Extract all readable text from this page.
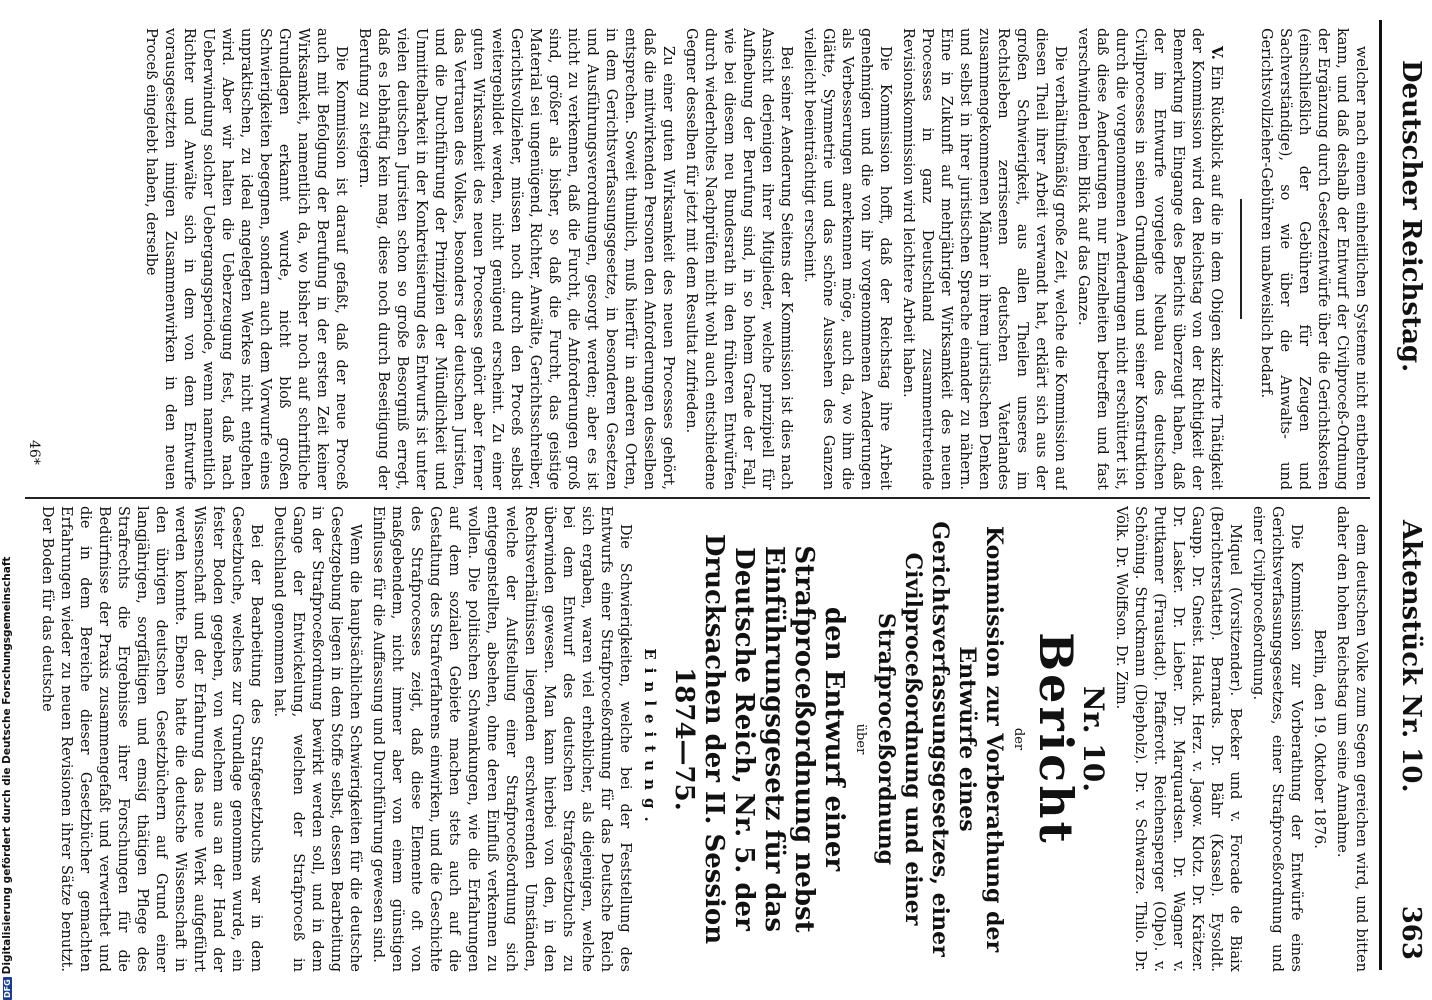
Deutscher Reichstag.
Aktenstück Nr. 10.
363

welcher nach einem einheitlichen Systeme nicht entbehren kann, und daß deshalb der Entwurf der Civilproceß-Ordnung der Ergänzung durch Gesetzentwürfe über die Gerichtskosten (einschließlich der Gebühren für Zeugen und Sachverständige), so wie über die Anwalts- und Gerichtsvollzieher-Gebühren unabweislich bedarf.

V. Ein Rückblick auf die in dem Obigen skizzirte Thätigkeit der Kommission wird den Reichstag von der Richtigkeit der Bemerkung im Eingange des Berichts überzeugt haben, daß der im Entwurfe vorgelegte Neubau des deutschen Civilprocesses in seinen Grundlagen und seiner Konstruktion durch die vorgenommenen Aenderungen nicht erschüttert ist, daß diese Aenderungen nur Einzelheiten betreffen und fast verschwinden beim Blick auf das Ganze.

Die verhältnißmäßig große Zeit, welche die Kommission auf diesen Theil ihrer Arbeit verwandt hat, erklärt sich aus der großen Schwierigkeit, aus allen Theilen unseres im Rechtsleben zerrissenen deutschen Vaterlandes zusammengekommenen Männer in ihrem juristischen Denken und selbst in ihrer juristischen Sprache einander zu nähern. Eine in Zukunft auf mehrjähriger Wirksamkeit des neuen Processes in ganz Deutschland zusammentretende Revisionskommission wird leichtere Arbeit haben.

Die Kommission hofft, daß der Reichstag ihre Arbeit genehmigen und die von ihr vorgenommenen Aenderungen als Verbesserungen anerkennen möge, auch da, wo ihm die Glätte, Symmetrie und das schöne Aussehen des Ganzen vielleicht beeinträchtigt erscheint.

Bei seiner Aenderung Seitens der Kommission ist dies nach Ansicht derjenigen ihrer Mitglieder, welche prinzipiell für Aufhebung der Berufung sind, in so hohem Grade der Fall, wie bei diesem neu Bundesrath in den früheren Entwürfen durch wiederholtes Nachprüfen nicht wohl auch entschiedene Gegner desselben für jetzt mit dem Resultat zufrieden.

Zu einer guten Wirksamkeit des neuen Processes gehört, daß die mitwirkenden Personen den Anforderungen desselben entsprechen. Soweit thunlich, muß hierfür in anderen Orten, in dem Gerichtsverfassungsgesetze, in besonderen Gesetzen und Ausführungsverordnungen, gesorgt werden; aber es ist nicht zu verkennen, daß die Furcht, die Anforderungen groß sind, größer als bisher, so daß die Furcht, das geistige Material sei ungenügend, Richter, Anwälte, Gerichtsschreiber, Gerichtsvollzieher, müssen noch durch den Proceß selbst weitergebildet werden, nicht genügend erscheint. Zu einer guten Wirksamkeit des neuen Processes gehört aber ferner das Vertrauen des Volkes, besonders der deutschen Juristen, und die Durchführung der Prinzipien der Mündlichkeit und Unmittelbarkeit in der Konkretisierung des Entwurfs ist unter vielen deutschen Juristen schon so große Besorgniß erregt, daß es lebhaftig kein mag, diese noch durch Beseitigung der Berufung zu steigern.

Die Kommission ist darauf gefaßt, daß der neue Proceß auch mit Befolgung der Berufung in der ersten Zeit keiner Wirksamkeit, namentlich da, wo bisher noch auf schriftliche Grundlagen erkannt wurde, nicht bloß großen Schwierigkeiten begegnen, sondern auch dem Vorwurfe eines unpraktischen, zu ideal angelegten Werkes nicht entgehen wird. Aber wir halten die Ueberzeugung fest, daß nach Ueberwindung solcher Uebergangsperiode, wenn namentlich Richter und Anwälte sich in dem von dem Entwurfe vorausgesetzten innigen Zusammenwirken in den neuen Proceß eingelebt haben, derselbe

dem deutschen Volke zum Segen gereichen wird, und bitten daher den hohen Reichstag um seine Annahme.

Berlin, den 19. Oktober 1876.

Die Kommission zur Vorberathung der Entwürfe eines Gerichtsverfassungsgesetzes, einer Strafproceßordnung und einer Civilproceßordnung.

Miquel (Vorsitzender). Becker und v. Forcade de Biaix (Berichterstatter). Bernards. Dr. Bähr (Kassel). Eysoldt. Gaupp. Dr. Gneist. Hauck. Herz. v. Jagow. Klotz. Dr. Krätzer. Dr. Lasker. Dr. Lieber. Dr. Marquardsen. Dr. Wagner v. Puttkamer (Fraustadt). Pfafferott. Reichensperger (Olpe). v. Schöning. Struckmann (Diepholz). Dr. v. Schwarze. Thilo. Dr. Völk. Dr. Wolffson. Dr. Zinn.

Nr. 10.
Bericht
der
Kommission zur Vorberathung der Entwürfe eines Gerichtsverfassungsgesetzes, einer Civilproceßordnung und einer Strafproceßordnung
über
den Entwurf einer Strafproceßordnung nebst Einführungsgesetz für das Deutsche Reich, Nr. 5. der Drucksachen der II. Session 1874—75.
Einleitung.

Die Schwierigkeiten, welche bei der Feststellung des Entwurfs einer Strafproceßordnung für das Deutsche Reich sich ergaben, waren viel erheblicher, als diejenigen, welche bei dem Entwurf des deutschen Strafgesetzbuchs zu überwinden gewesen. Man kann hierbei von den, in den Rechtsverhältnissen liegenden erschwerenden Umständen, welche der Aufstellung einer Strafproceßordnung sich entgegenstellten, absehen, ohne deren Einfluß verkennen zu wollen. Die politischen Schwankungen, wie die Erfahrungen auf dem sozialen Gebiete machen stets auch auf die Gestaltung des Strafverfahrens einwirken, und die Geschichte des Strafprocesses zeigt, daß diese Elemente oft von maßgebendem, nicht immer aber von einem günstigen Einflusse für die Auffassung und Durchführung gewesen sind.

Wenn die hauptsächlichen Schwierigkeiten für die deutsche Gesetzgebung liegen in dem Stoffe selbst, dessen Bearbeitung in der Strafproceßordnung bewirkt werden soll, und in dem Gange der Entwickelung, welchen der Strafproceß in Deutschland genommen hat.

Bei der Bearbeitung des Strafgesetzbuchs war in dem Gesetzbuche, welches zur Grundlage genommen wurde, ein fester Boden gegeben, von welchem aus an der Hand der Wissenschaft und der Erfahrung das neue Werk aufgeführt werden konnte. Ebenso hatte die deutsche Wissenschaft in den übrigen deutschen Gesetzbüchern auf Grund einer langjährigen, sorgfältigen und emsig thätigen Pflege des Strafrechts die Ergebnisse ihrer Forschungen für die Bedürfnisse der Praxis zusammengefaßt und verwerthet und die in dem Bereiche dieser Gesetzbücher gemachten Erfahrungen wieder zu neuen Revisionen ihrer Sätze benutzt. Der Boden für das deutsche

46*
DFGDigitalisierung gefördert durch die Deutsche Forschungsgemeinschaft
